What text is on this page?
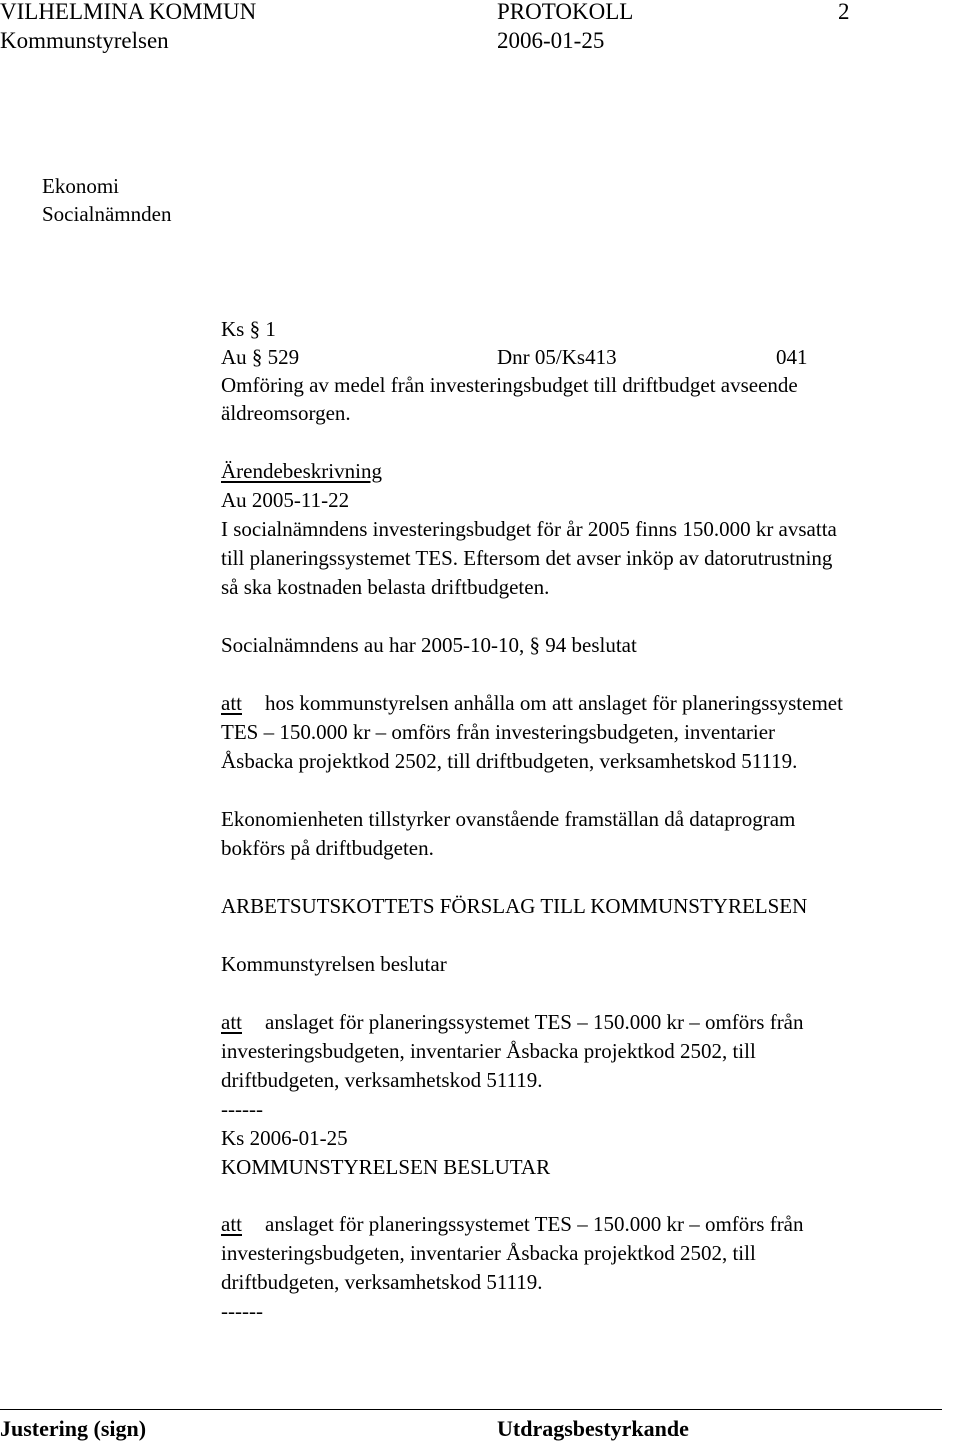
VILHELMINA KOMMUN	PROTOKOLL	2
Kommunstyrelsen	2006-01-25
Ekonomi
Socialnämnden
Ks § 1
Au § 529	Dnr 05/Ks413	041
Omföring av medel från investeringsbudget till driftbudget avseende
äldreomsorgen.
Ärendebeskrivning
Au 2005-11-22
I socialnämndens investeringsbudget för år 2005 finns 150.000 kr avsatta
till planeringssystemet TES. Eftersom det avser inköp av datorutrustning
så ska kostnaden belasta driftbudgeten.
Socialnämndens au har 2005-10-10, § 94 beslutat
att hos kommunstyrelsen anhålla om att anslaget för planeringssystemet
TES – 150.000 kr – omförs från investeringsbudgeten, inventarier
Åsbacka projektkod 2502, till driftbudgeten, verksamhetskod 51119.
Ekonomienheten tillstyrker ovanstående framställan då dataprogram
bokförs på driftbudgeten.
ARBETSUTSKOTTETS FÖRSLAG TILL KOMMUNSTYRELSEN
Kommunstyrelsen beslutar
att anslaget för planeringssystemet TES – 150.000 kr – omförs från
investeringsbudgeten, inventarier Åsbacka projektkod 2502, till
driftbudgeten, verksamhetskod 51119.
------
Ks 2006-01-25
KOMMUNSTYRELSEN BESLUTAR
att anslaget för planeringssystemet TES – 150.000 kr – omförs från
investeringsbudgeten, inventarier Åsbacka projektkod 2502, till
driftbudgeten, verksamhetskod 51119.
------
Justering (sign)	Utdragsbestyrkande
